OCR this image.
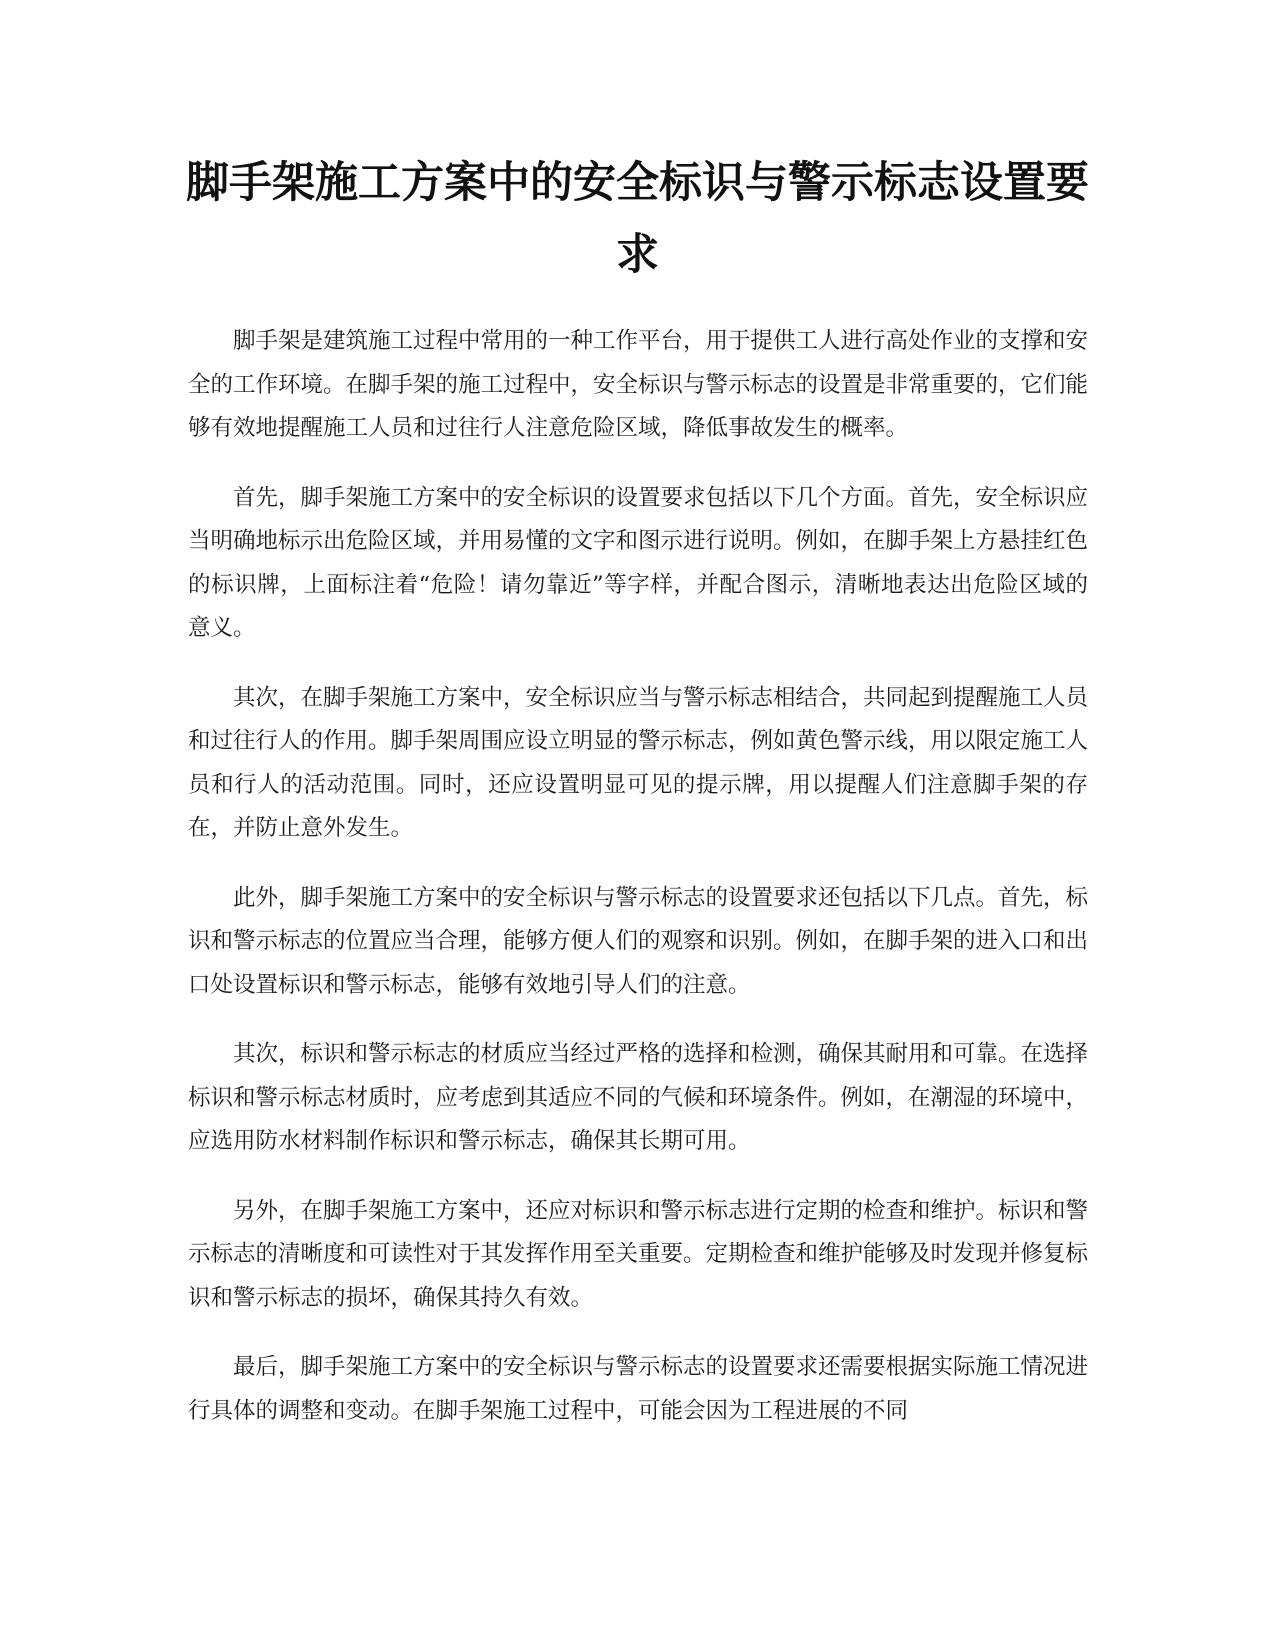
脚手架施工方案中的安全标识与警示标志设置要求

脚手架是建筑施工过程中常用的一种工作平台，用于提供工人进行高处作业的支撑和安全的工作环境。在脚手架的施工过程中，安全标识与警示标志的设置是非常重要的，它们能够有效地提醒施工人员和过往行人注意危险区域，降低事故发生的概率。

首先，脚手架施工方案中的安全标识的设置要求包括以下几个方面。首先，安全标识应当明确地标示出危险区域，并用易懂的文字和图示进行说明。例如，在脚手架上方悬挂红色的标识牌，上面标注着“危险！请勿靠近”等字样，并配合图示，清晰地表达出危险区域的意义。

其次，在脚手架施工方案中，安全标识应当与警示标志相结合，共同起到提醒施工人员和过往行人的作用。脚手架周围应设立明显的警示标志，例如黄色警示线，用以限定施工人员和行人的活动范围。同时，还应设置明显可见的提示牌，用以提醒人们注意脚手架的存在，并防止意外发生。

此外，脚手架施工方案中的安全标识与警示标志的设置要求还包括以下几点。首先，标识和警示标志的位置应当合理，能够方便人们的观察和识别。例如，在脚手架的进入口和出口处设置标识和警示标志，能够有效地引导人们的注意。

其次，标识和警示标志的材质应当经过严格的选择和检测，确保其耐用和可靠。在选择标识和警示标志材质时，应考虑到其适应不同的气候和环境条件。例如，在潮湿的环境中，应选用防水材料制作标识和警示标志，确保其长期可用。

另外，在脚手架施工方案中，还应对标识和警示标志进行定期的检查和维护。标识和警示标志的清晰度和可读性对于其发挥作用至关重要。定期检查和维护能够及时发现并修复标识和警示标志的损坏，确保其持久有效。

最后，脚手架施工方案中的安全标识与警示标志的设置要求还需要根据实际施工情况进行具体的调整和变动。在脚手架施工过程中，可能会因为工程进展的不同
